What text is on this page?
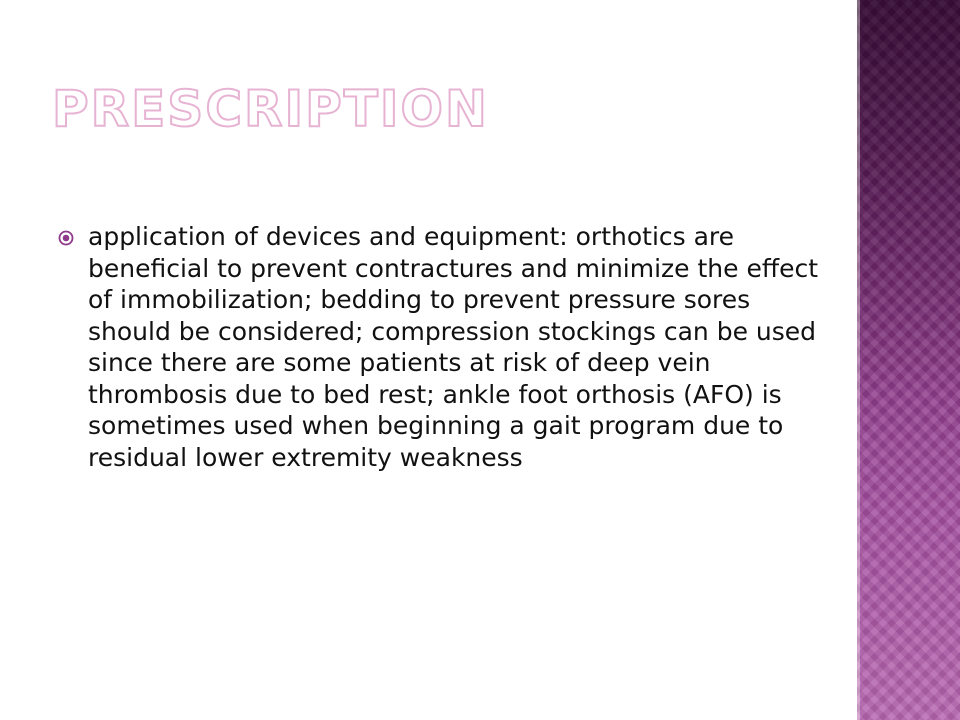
PRESCRIPTION
application of devices and equipment: orthotics are beneficial to prevent contractures and minimize the effect of immobilization; bedding to prevent pressure sores should be considered; compression stockings can be used since there are some patients at risk of deep vein thrombosis due to bed rest; ankle foot orthosis (AFO) is sometimes used when beginning a gait program due to residual lower extremity weakness
